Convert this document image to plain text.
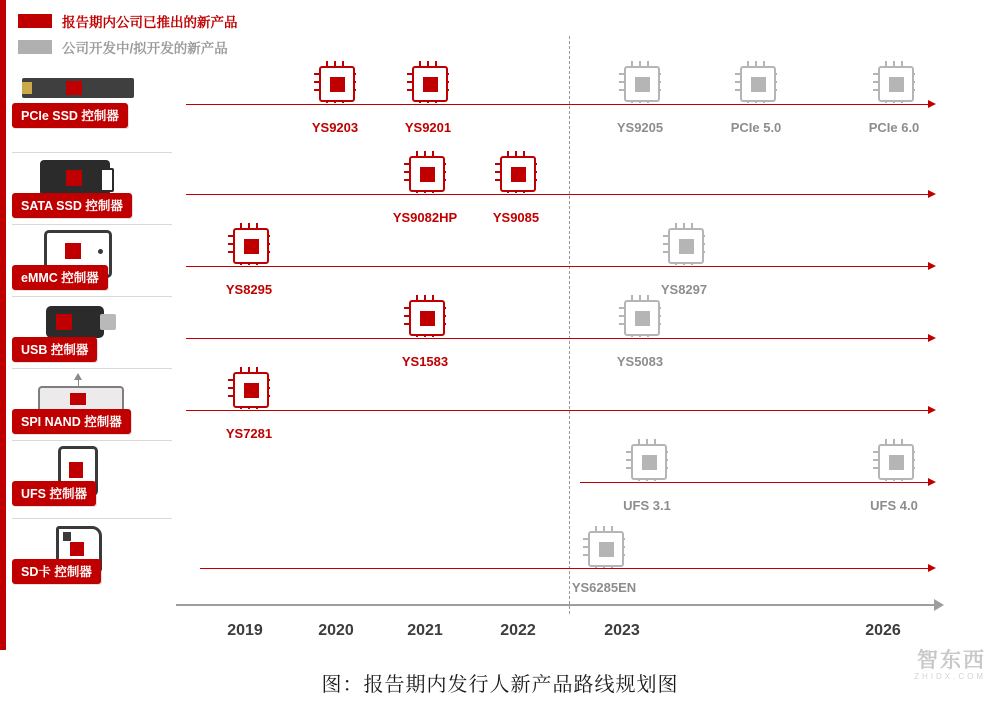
报告期内公司已推出的新产品
公司开发中/拟开发的新产品
PCIe SSD 控制器
YS9203	YS9201	YS9205	PCIe 5.0	PCIe 6.0
SATA SSD 控制器
YS9082HP	YS9085
eMMC 控制器
YS8295	YS8297
USB 控制器
YS1583	YS5083
SPI NAND 控制器
YS7281
UFS 控制器
UFS 3.1	UFS 4.0
SD卡 控制器
YS6285EN
2019	2020	2021	2022	2023	2026
智东西
ZHIDX.COM
图：报告期内发行人新产品路线规划图
